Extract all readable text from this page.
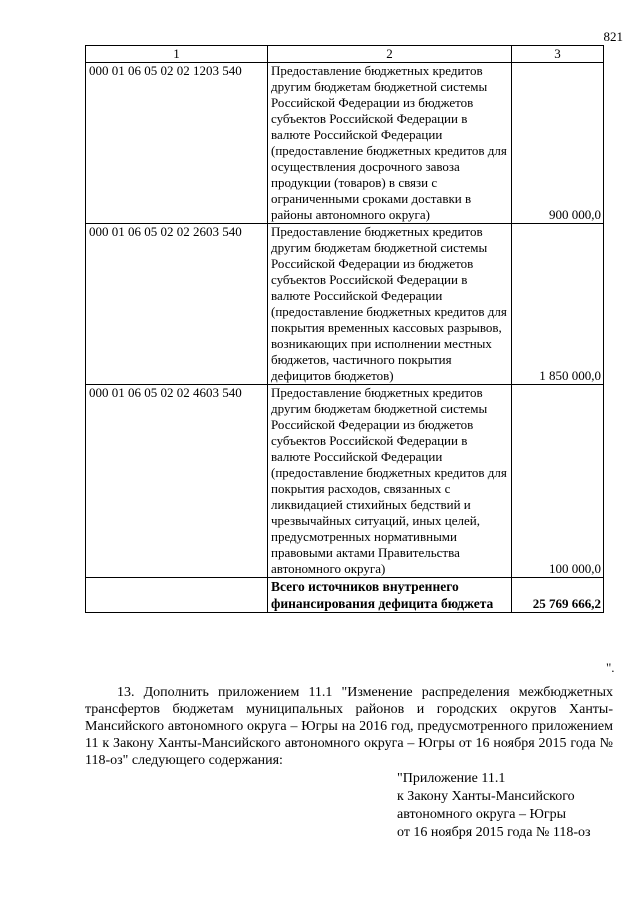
821
1	2	3
000 01 06 05 02 02 1203 540	Предоставление бюджетных кредитов другим бюджетам бюджетной системы Российской Федерации из бюджетов субъектов Российской Федерации в валюте Российской Федерации (предоставление бюджетных кредитов для осуществления досрочного завоза продукции (товаров) в связи с ограниченными сроками доставки в районы автономного округа)	900 000,0
000 01 06 05 02 02 2603 540	Предоставление бюджетных кредитов другим бюджетам бюджетной системы Российской Федерации из бюджетов субъектов Российской Федерации в валюте Российской Федерации (предоставление бюджетных кредитов для покрытия временных кассовых разрывов, возникающих при исполнении местных бюджетов, частичного покрытия дефицитов бюджетов)	1 850 000,0
000 01 06 05 02 02 4603 540	Предоставление бюджетных кредитов другим бюджетам бюджетной системы Российской Федерации из бюджетов субъектов Российской Федерации в валюте Российской Федерации (предоставление бюджетных кредитов для покрытия расходов, связанных с ликвидацией стихийных бедствий и чрезвычайных ситуаций, иных целей, предусмотренных нормативными правовыми актами Правительства автономного округа)	100 000,0
	Всего источников внутреннего финансирования дефицита бюджета	25 769 666,2
".

13. Дополнить приложением 11.1 "Изменение распределения межбюджетных трансфертов бюджетам муниципальных районов и городских округов Ханты-Мансийского автономного округа – Югры на 2016 год, предусмотренного приложением 11 к Закону Ханты-Мансийского автономного округа – Югры от 16 ноября 2015 года № 118-оз" следующего содержания:

"Приложение 11.1
к Закону Ханты-Мансийского
автономного округа – Югры
от 16 ноября 2015 года № 118-оз
